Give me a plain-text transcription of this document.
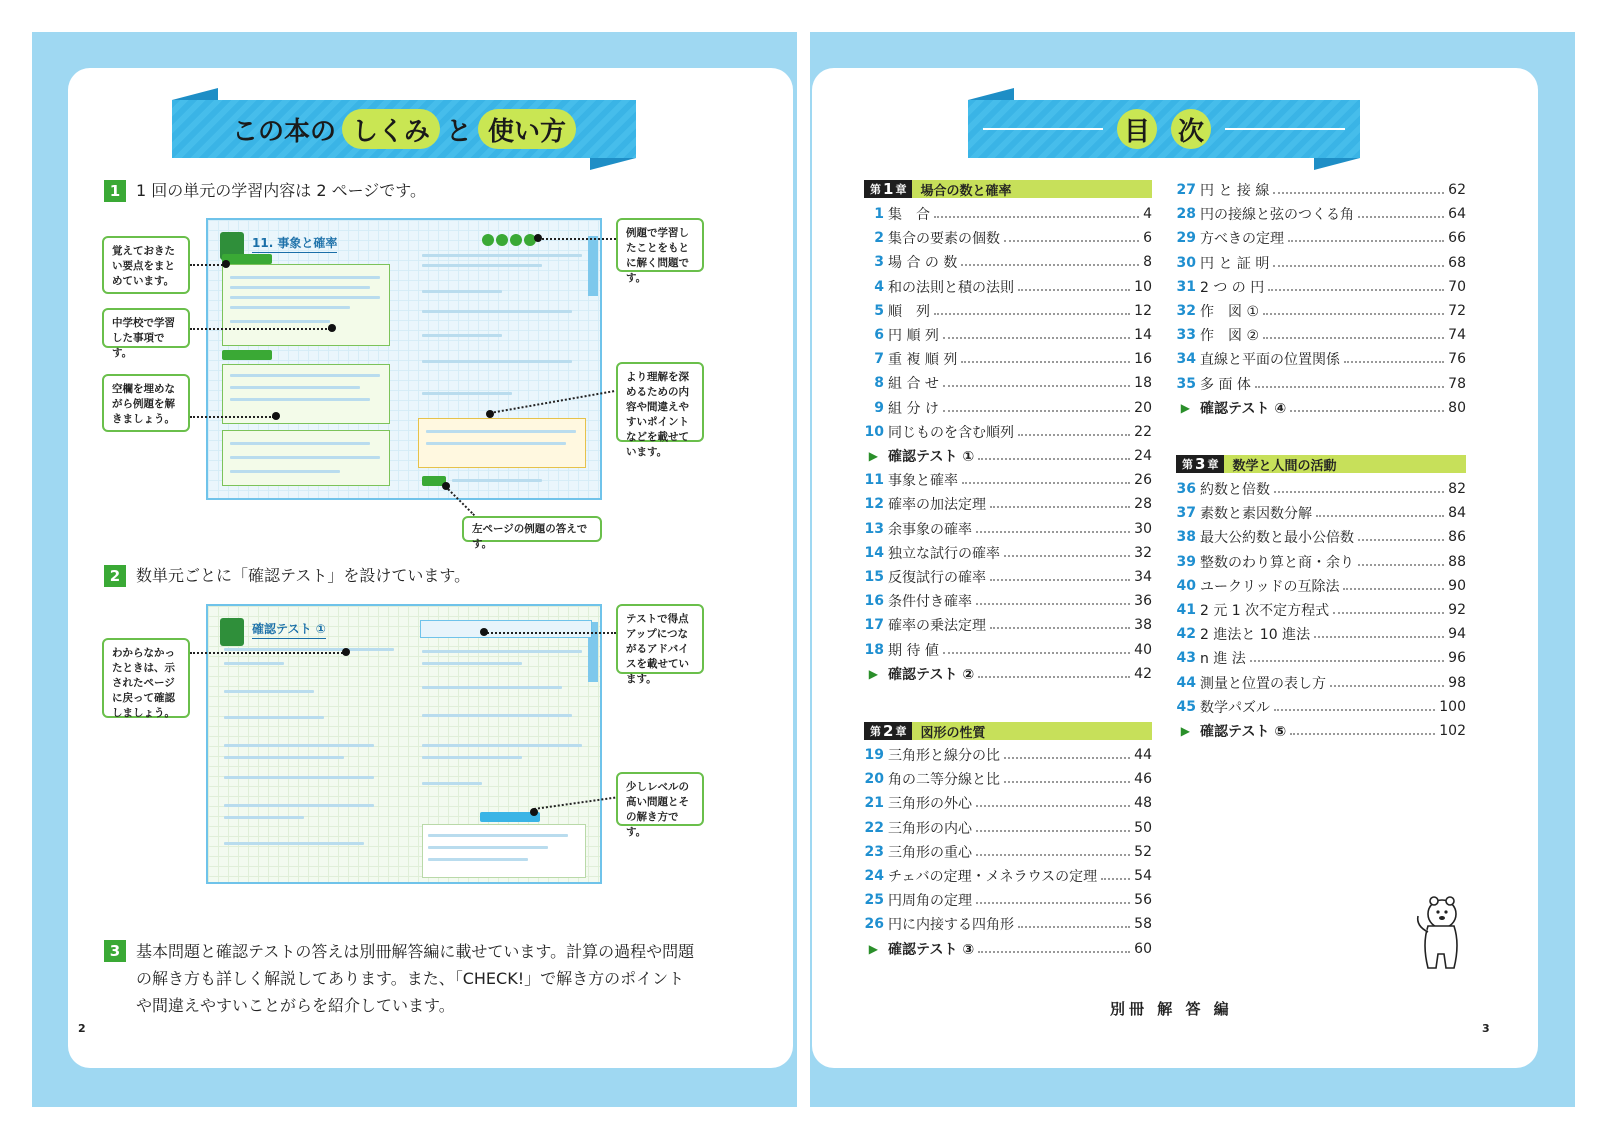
この本の しくみ と 使い方
1 1 回の単元の学習内容は 2 ページです。
11. 事象と確率
覚えておきたい要点をまとめています。
中学校で学習した事項です。
空欄を埋めながら例題を解きましょう。
例題で学習したことをもとに解く問題です。
より理解を深めるための内容や間違えやすいポイントなどを載せています。
左ページの例題の答えです。
2 数単元ごとに「確認テスト」を設けています。
確認テスト ①
わからなかったときは、示されたページに戻って確認しましょう。
テストで得点アップにつながるアドバイスを載せています。
少しレベルの高い問題とその解き方です。
3 基本問題と確認テストの答えは別冊解答編に載せています。計算の過程や問題
の解き方も詳しく解説してあります。また、「CHECK!」で解き方のポイント
や間違えやすいことがらを紹介しています。
2
目 次
第 1 章 場合の数と確率
第 2 章 図形の性質
第 3 章 数学と人間の活動
1 集　合	4
2 集合の要素の個数	6
3 場 合 の 数	8
4 和の法則と積の法則	10
5 順　列	12
6 円 順 列	14
7 重 複 順 列	16
8 組 合 せ	18
9 組 分 け	20
10 同じものを含む順列	22
▶ 確認テスト ①	24
11 事象と確率	26
12 確率の加法定理	28
13 余事象の確率	30
14 独立な試行の確率	32
15 反復試行の確率	34
16 条件付き確率	36
17 確率の乗法定理	38
18 期 待 値	40
▶ 確認テスト ②	42
19 三角形と線分の比	44
20 角の二等分線と比	46
21 三角形の外心	48
22 三角形の内心	50
23 三角形の重心	52
24 チェバの定理・メネラウスの定理	54
25 円周角の定理	56
26 円に内接する四角形	58
▶ 確認テスト ③	60
27 円 と 接 線	62
28 円の接線と弦のつくる角	64
29 方べきの定理	66
30 円 と 証 明	68
31 2 つ の 円	70
32 作　図 ①	72
33 作　図 ②	74
34 直線と平面の位置関係	76
35 多 面 体	78
▶ 確認テスト ④	80
36 約数と倍数	82
37 素数と素因数分解	84
38 最大公約数と最小公倍数	86
39 整数のわり算と商・余り	88
40 ユークリッドの互除法	90
41 2 元 1 次不定方程式	92
42 2 進法と 10 進法	94
43 n 進 法	96
44 測量と位置の表し方	98
45 数学パズル	100
▶ 確認テスト ⑤	102
別冊 解 答 編
3
